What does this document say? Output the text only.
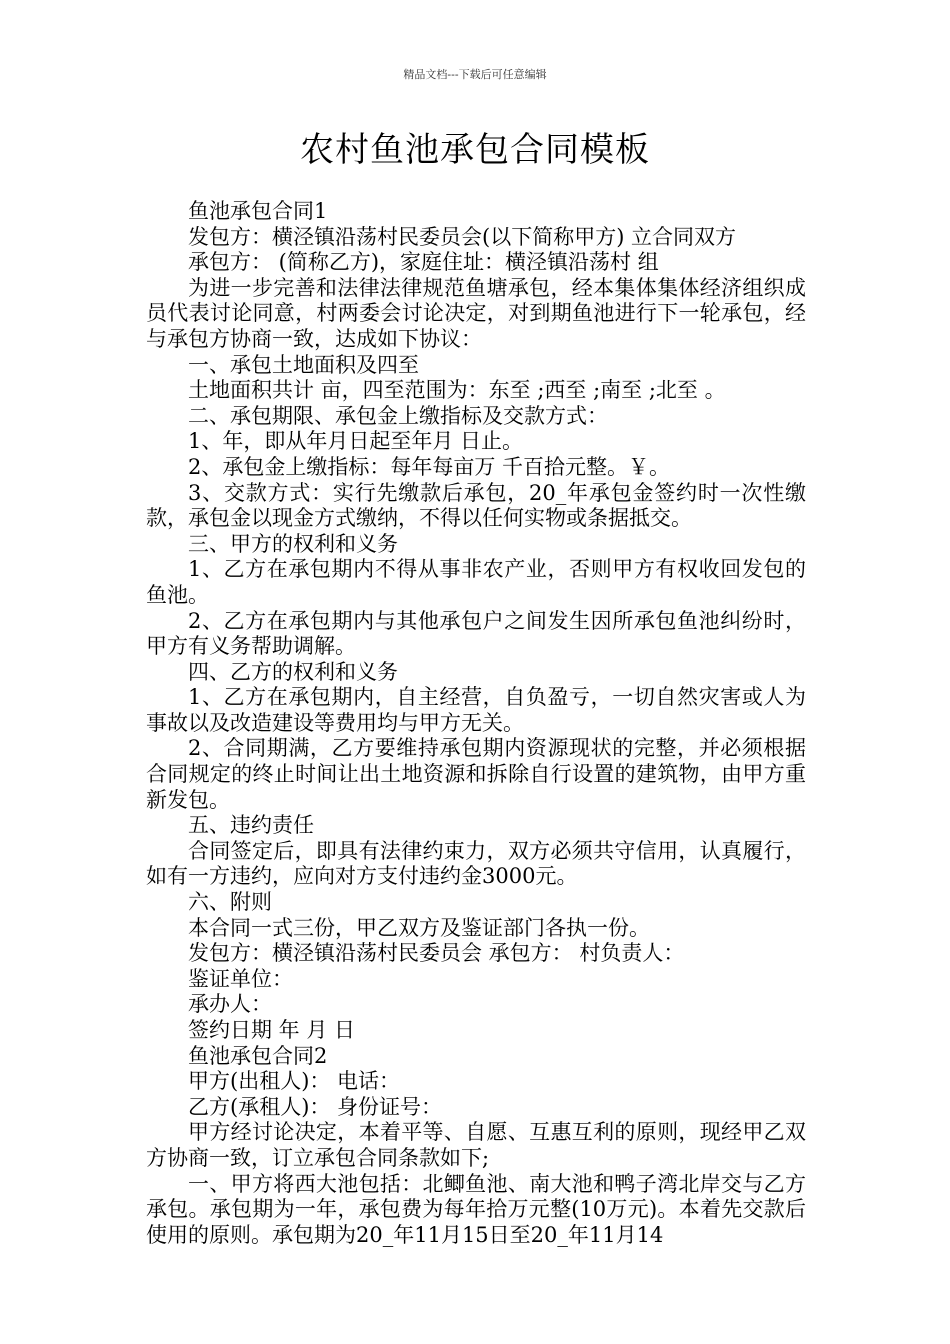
精品文档---下载后可任意编辑
农村鱼池承包合同模板

鱼池承包合同1

发包方：横泾镇沿荡村民委员会(以下简称甲方) 立合同双方

承包方： (简称乙方)，家庭住址：横泾镇沿荡村 组

为进一步完善和法律法律规范鱼塘承包，经本集体集体经济组织成员代表讨论同意，村两委会讨论决定，对到期鱼池进行下一轮承包，经与承包方协商一致，达成如下协议：

一、承包土地面积及四至

土地面积共计 亩，四至范围为：东至 ;西至 ;南至 ;北至 。

二、承包期限、承包金上缴指标及交款方式：

1、年，即从年月日起至年月 日止。

2、承包金上缴指标：每年每亩万 千百拾元整。￥。

3、交款方式：实行先缴款后承包，20_年承包金签约时一次性缴款，承包金以现金方式缴纳，不得以任何实物或条据抵交。

三、甲方的权利和义务

1、乙方在承包期内不得从事非农产业，否则甲方有权收回发包的鱼池。

2、乙方在承包期内与其他承包户之间发生因所承包鱼池纠纷时，甲方有义务帮助调解。

四、乙方的权利和义务

1、乙方在承包期内，自主经营，自负盈亏，一切自然灾害或人为事故以及改造建设等费用均与甲方无关。

2、合同期满，乙方要维持承包期内资源现状的完整，并必须根据合同规定的终止时间让出土地资源和拆除自行设置的建筑物，由甲方重新发包。

五、违约责任

合同签定后，即具有法律约束力，双方必须共守信用，认真履行，如有一方违约，应向对方支付违约金3000元。

六、附则

本合同一式三份，甲乙双方及鉴证部门各执一份。

发包方：横泾镇沿荡村民委员会 承包方： 村负责人：

鉴证单位：

承办人：

签约日期 年 月 日

鱼池承包合同2

甲方(出租人)： 电话：

乙方(承租人)： 身份证号：

甲方经讨论决定，本着平等、自愿、互惠互利的原则，现经甲乙双方协商一致，订立承包合同条款如下;

一、甲方将西大池包括：北鲫鱼池、南大池和鸭子湾北岸交与乙方承包。承包期为一年，承包费为每年拾万元整(10万元)。本着先交款后使用的原则。承包期为20_年11月15日至20_年11月14
